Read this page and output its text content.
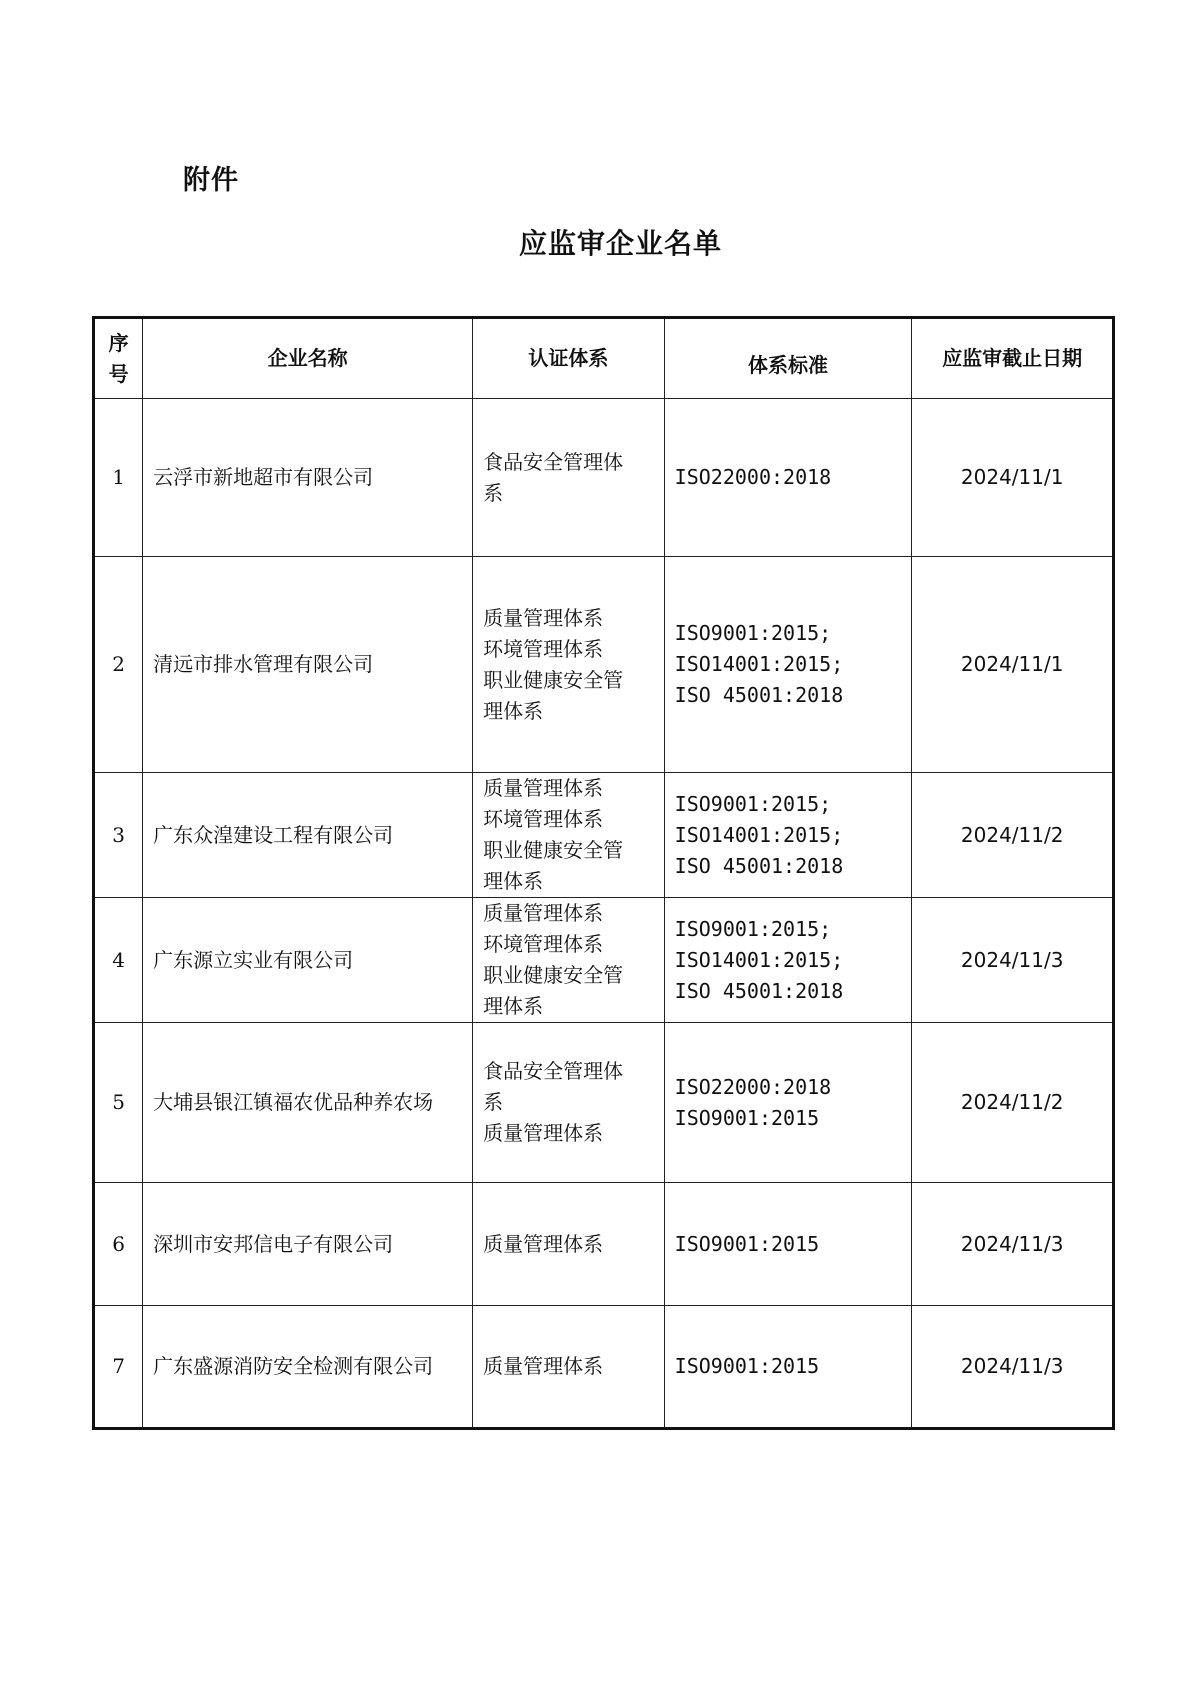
附件
应监审企业名单
序
号	企业名称	认证体系	体系标准	应监审截止日期
1	云浮市新地超市有限公司	食品安全管理体
系	ISO22000:2018	2024/11/1
2	清远市排水管理有限公司	质量管理体系
环境管理体系
职业健康安全管
理体系	ISO9001:2015;
ISO14001:2015;
ISO 45001:2018	2024/11/1
3	广东众湟建设工程有限公司	质量管理体系
环境管理体系
职业健康安全管
理体系	ISO9001:2015;
ISO14001:2015;
ISO 45001:2018	2024/11/2
4	广东源立实业有限公司	质量管理体系
环境管理体系
职业健康安全管
理体系	ISO9001:2015;
ISO14001:2015;
ISO 45001:2018	2024/11/3
5	大埔县银江镇福农优品种养农场	食品安全管理体
系
质量管理体系	ISO22000:2018
ISO9001:2015	2024/11/2
6	深圳市安邦信电子有限公司	质量管理体系	ISO9001:2015	2024/11/3
7	广东盛源消防安全检测有限公司	质量管理体系	ISO9001:2015	2024/11/3
